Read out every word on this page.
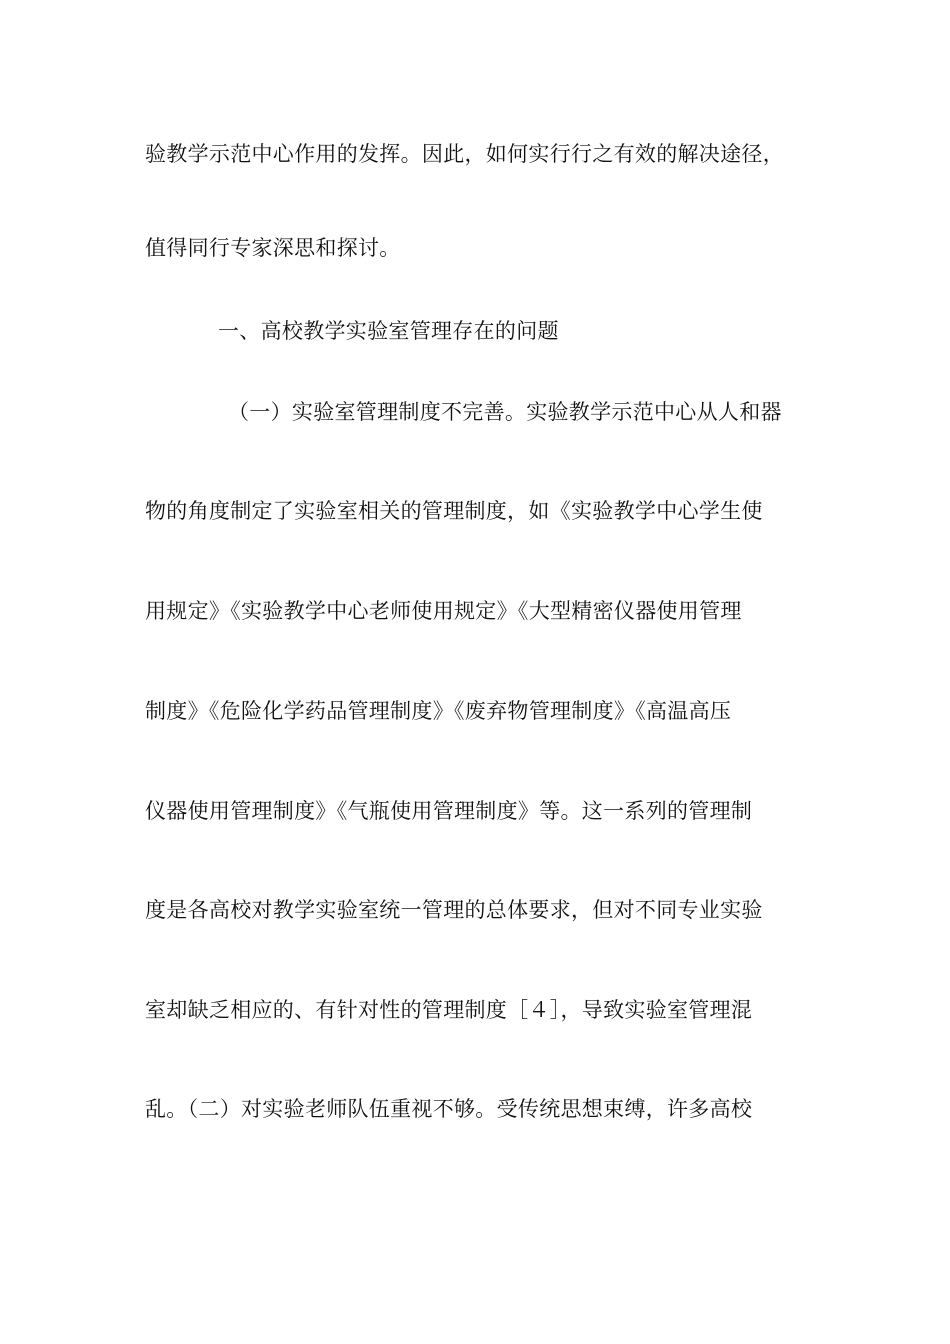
验教学示范中心作用的发挥。因此，如何实行行之有效的解决途径，
值得同行专家深思和探讨。
一、高校教学实验室管理存在的问题
（一）实验室管理制度不完善。实验教学示范中心从人和器
物的角度制定了实验室相关的管理制度，如《实验教学中心学生使
用规定》《实验教学中心老师使用规定》《大型精密仪器使用管理
制度》《危险化学药品管理制度》《废弃物管理制度》《高温高压
仪器使用管理制度》《气瓶使用管理制度》等。这一系列的管理制
度是各高校对教学实验室统一管理的总体要求，但对不同专业实验
室却缺乏相应的、有针对性的管理制度［４］，导致实验室管理混
乱。（二）对实验老师队伍重视不够。受传统思想束缚，许多高校
